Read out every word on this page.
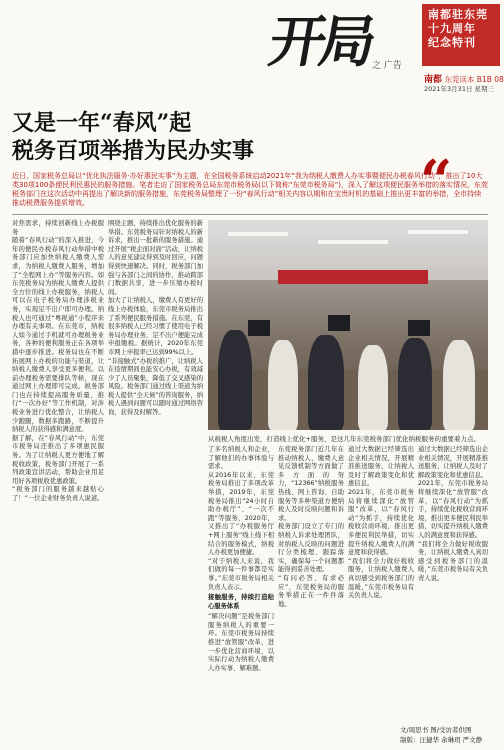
开局
之 广告
南都驻东莞
十九周年
纪念特刊
南都 东莞读本 B1B 08
2021年3月31日 星期三
又是一年“春风”起
税务百项举措为民办实事	“
近日，国家税务总局以“优化执法服务·办好惠民实事”为主题，在全国税务系统启动2021年“我为纳税人缴费人办实事暨便民办税春风行动”，推出了10大类30项100条便民利民惠民的服务措施。笔者走访了国家税务总局东莞市税务局(以下简称“东莞市税务局”)，深入了解这项便民服务举措的落实情况。东莞税务部门在这次活动中再提出了解决新的服务措施，东莞税务局整理了一份“春风行动”相关内容以期和在宝贵时机的基础上推出更丰富的举措，全市持续推动税费服务提质增效。
对焦需求，持续创新线上办税服务
随着“春风行动”的深入推进，今年的便民办税春风行动举措中税务部门应加快纳税人缴费人需求，为纳税人缴费人服务，增加了“全程网上办”等服务内容。如东莞税务局为纳税人缴费人提供全方位的线上办税服务，纳税人可以在电子税务局办理涉税业务，实现足不出户即可办理。纳税人也可通过“粤税通”小程序来办理有关事项。在东莞市，纳税人如今通过手机就可办理税务业务，各种的便利服务正在各项举措中逐步推进。税务局也在不断拓展网上办税的功能与渠道，让纳税人缴费人享受更多便利。以前办理税务需要排队等候，现在通过网上办理即可完成。税务部门也在持续提高服务质量，推行“一次办好”等工作机制，对涉税业务进行优化整合，让纳税人少跑腿，数据多跑路，不断提升纳税人的获得感和满意度。
据了解，在“春风行动”中，东莞市税务局还推出了多项惠民服务。为了让纳税人更方便地了解税收政策，税务部门开展了一系列政策宣讲活动，帮助企业用足用好各项税收优惠政策。
“税务部门的服务越来越贴心了！”一位企业财务负责人说道。
围绕主题，持续推出优化服务的新举措。东莞税务局针对纳税人的新诉求，推出一批新的服务措施。通过开展“税企面对面”活动，让纳税人的意见建议得到及时回应，问题得到快速解决。同时，税务部门加强与各部门之间的协作，推动跨部门数据共享，进一步压缩办税时间。
加大了让纳税人，缴费人有更好的线上办税体验，东莞市税务局推出了系列便民服务措施。在东莞，有很多纳税人已经习惯了使用电子税务局办理业务，足不出户便能完成申报缴税。据统计，2020年东莞市网上申报率已达到99%以上。
“非接触式”办税的推广，让纳税人在疫情期间也能安心办税，有效减少了人员聚集，降低了交叉感染的风险。税务部门通过线上渠道为纳税人提供“全天候”的咨询服务，纳税人遇到问题可以随时通过网络咨询，获得及时解答。
从税税人角度出发，打造线上优化+服务，是这几年东莞税务部门优化纳税服务的重要着力点。
了多名纳税人和企业，了解他们的办事体验与需求。
从2016年以来，东莞税务局推出了多项改革举措，2019年，东莞税务局推出“24小时自助办税厅”、“一次不跑”等服务，2020年，又推出了“办税服务厅+网上服务”线上线下相结合的服务模式，纳税人办税更加便捷。
“对于纳税人来说，我们做的每一件事都是实事。”东莞市税务局相关负责人表示。
接触服务，持续打造贴心服务体系
“解决问题”是税务部门服务纳税人的重要一环。东莞市税务局持续推进“放管服”改革，进一步优化营商环境，以实际行动为纳税人缴费人办实事、解难题。
东莞税务部门近几年在推动纳税人、缴费人意见反馈机制等方面做了多方面的努力，“12366”纳税服务热线、网上咨询、自助服务等多种渠道方便纳税人及时反映问题和诉求。
税务部门设立了专门的纳税人诉求处理团队，对纳税人反映的问题进行分类梳理、跟踪落实，确保每一个问题都能得到妥善处理。
“有问必答、有求必应”，东莞税务局的服务举措正在一件件落地。
通过大数据已经筛选出企业相关情况，开展精准推送服务，让纳税人及时了解政策变化和优惠信息。
2021年，东莞市税务局将继续深化“放管服”改革，以“春风行动”为抓手，持续优化税收营商环境，推出更多便民利民举措，切实提升纳税人缴费人的满意度和获得感。
“我们将全力做好税收服务，让纳税人缴费人真切感受到税务部门的温暖，”东莞市税务局有关负责人说。
通过大数据已经筛选出企业相关情况，开展精准推送服务，让纳税人及时了解政策变化和优惠信息。
2021年，东莞市税务局将继续深化“放管服”改革，以“春风行动”为抓手，持续优化税收营商环境，推出更多便民利民举措，切实提升纳税人缴费人的满意度和获得感。
“我们将全力做好税收服务，让纳税人缴费人真切感受到税务部门的温暖，”东莞市税务局有关负责人说。
文/周思书 图/受访者供图
制版：汪捷华 余琳玥 严文静
